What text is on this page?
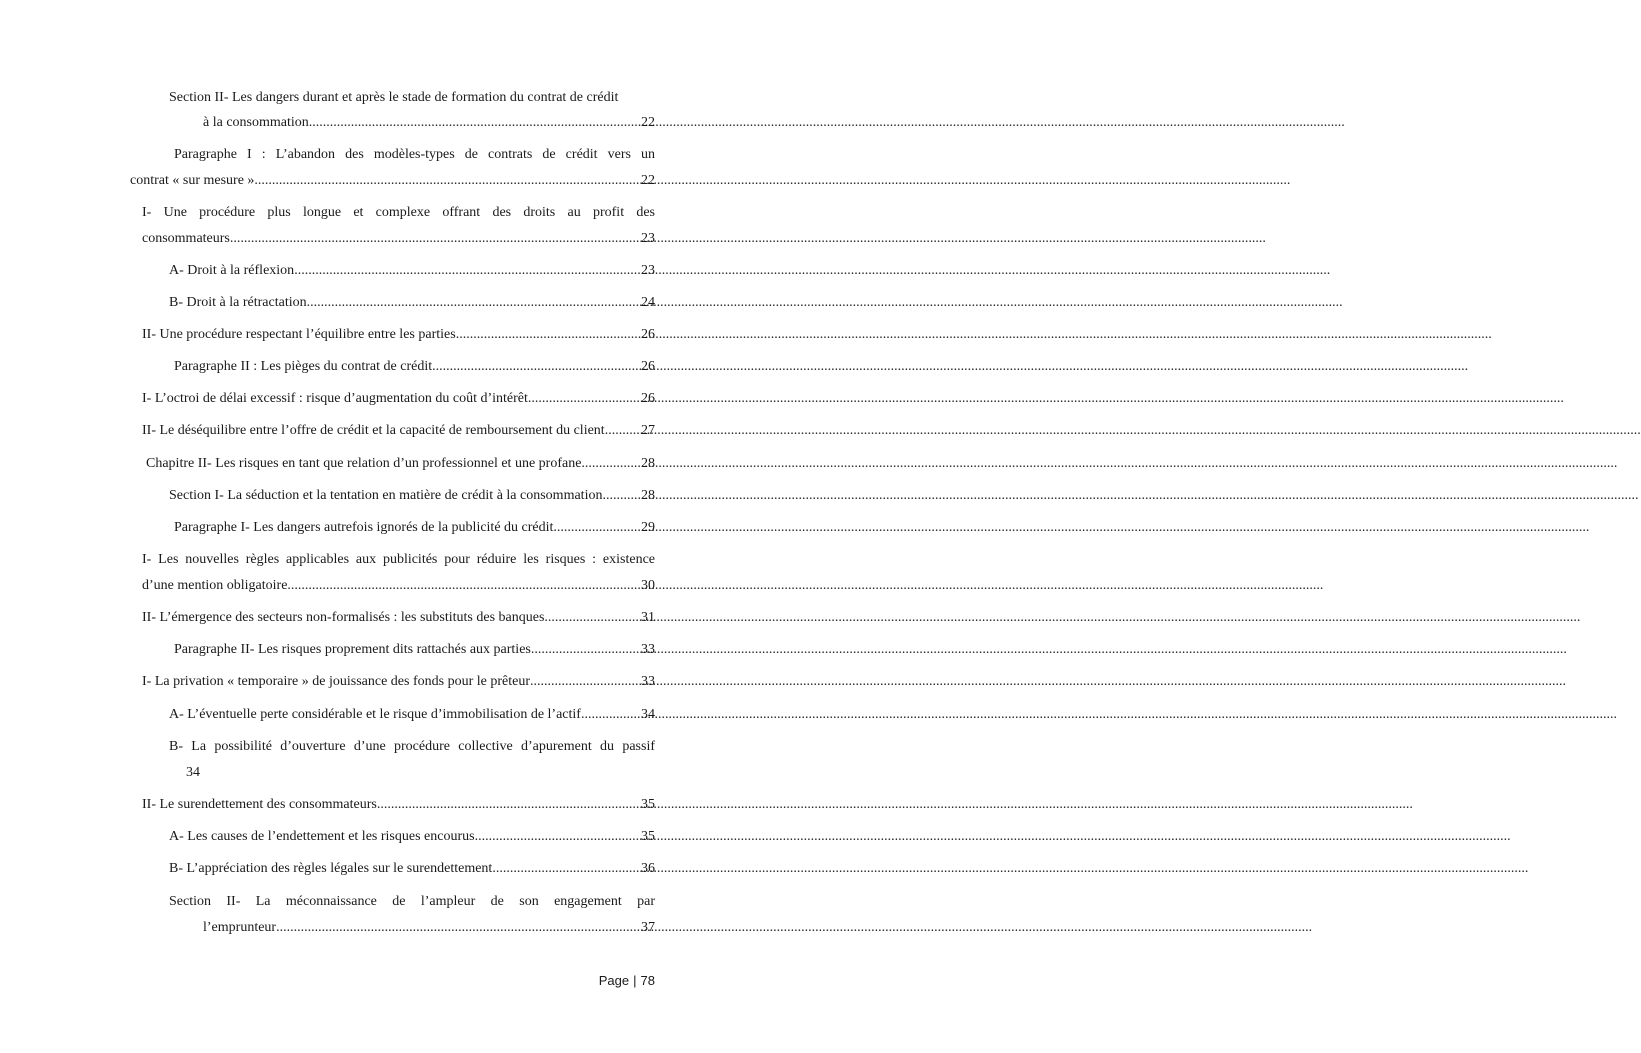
Section II- Les dangers durant et après le stade de formation du contrat de crédit
à la consommation .....	22
Paragraphe I : L’abandon des modèles-types de contrats de crédit vers un
contrat « sur mesure » .....	22
I- Une procédure plus longue et complexe offrant des droits au profit des
consommateurs .....	23
A- Droit à la réflexion .....	23
B- Droit à la rétractation .....	24
II- Une procédure respectant l’équilibre entre les parties .....	26
Paragraphe II : Les pièges du contrat de crédit .....	26
I- L’octroi de délai excessif : risque d’augmentation du coût d’intérêt .....	26
II- Le déséquilibre entre l’offre de crédit et la capacité de remboursement du client .....	27
Chapitre II- Les risques en tant que relation d’un professionnel et une profane .....	28
Section I- La séduction et la tentation en matière de crédit à la consommation .....	28
Paragraphe I- Les dangers autrefois ignorés de la publicité du crédit .....	29
I- Les nouvelles règles applicables aux publicités pour réduire les risques : existence
d’une mention obligatoire .....	30
II- L’émergence des secteurs non-formalisés : les substituts des banques .....	31
Paragraphe II- Les risques proprement dits rattachés aux parties .....	33
I- La privation « temporaire » de jouissance des fonds pour le prêteur .....	33
A- L’éventuelle perte considérable et le risque d’immobilisation de l’actif .....	34
B- La possibilité d’ouverture d’une procédure collective d’apurement du passif
34
II- Le surendettement des consommateurs .....	35
A- Les causes de l’endettement et les risques encourus .....	35
B- L’appréciation des règles légales sur le surendettement .....	36
Section II- La méconnaissance de l’ampleur de son engagement par
l’emprunteur .....	37
Page | 78
